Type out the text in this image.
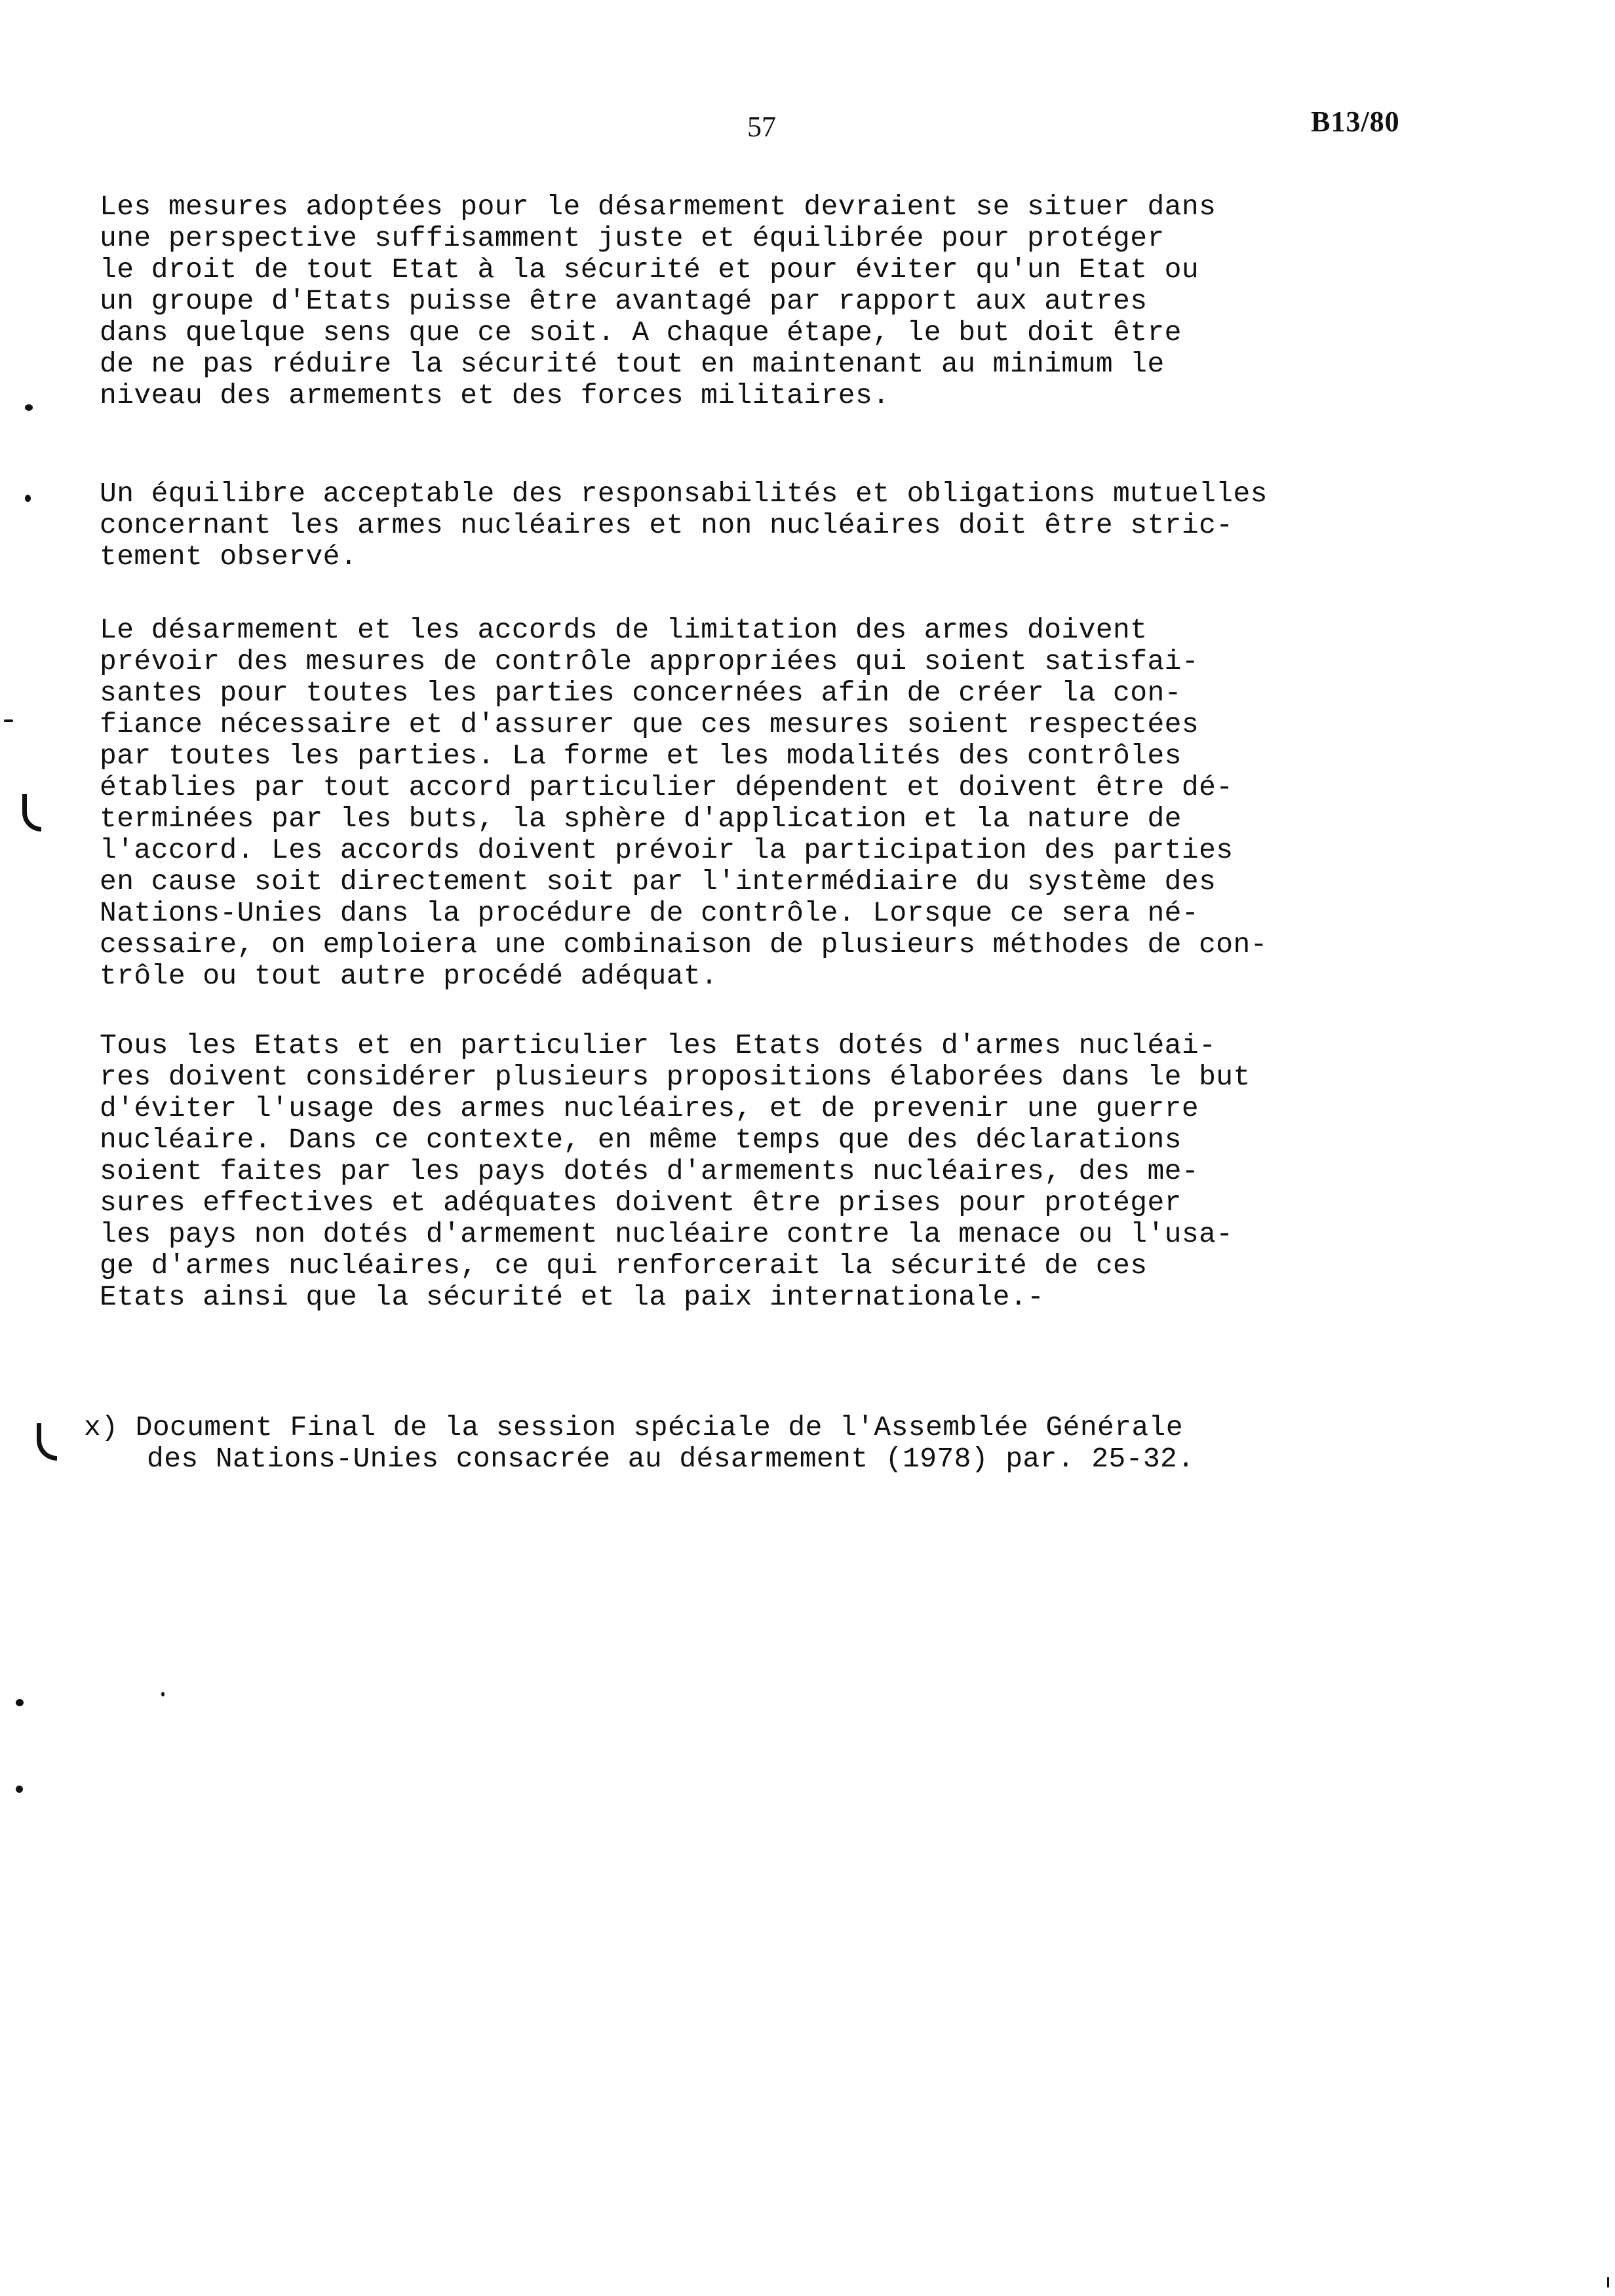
57	B13/80
Les mesures adoptées pour le désarmement devraient se situer dans
une perspective suffisamment juste et équilibrée pour protéger
le droit de tout Etat à la sécurité et pour éviter qu'un Etat ou
un groupe d'Etats puisse être avantagé par rapport aux autres
dans quelque sens que ce soit. A chaque étape, le but doit être
de ne pas réduire la sécurité tout en maintenant au minimum le
niveau des armements et des forces militaires.
Un équilibre acceptable des responsabilités et obligations mutuelles
concernant les armes nucléaires et non nucléaires doit être stric-
tement observé.
Le désarmement et les accords de limitation des armes doivent
prévoir des mesures de contrôle appropriées qui soient satisfai-
santes pour toutes les parties concernées afin de créer la con-
fiance nécessaire et d'assurer que ces mesures soient respectées
par toutes les parties. La forme et les modalités des contrôles
établies par tout accord particulier dépendent et doivent être dé-
terminées par les buts, la sphère d'application et la nature de
l'accord. Les accords doivent prévoir la participation des parties
en cause soit directement soit par l'intermédiaire du système des
Nations-Unies dans la procédure de contrôle. Lorsque ce sera né-
cessaire, on emploiera une combinaison de plusieurs méthodes de con-
trôle ou tout autre procédé adéquat.
Tous les Etats et en particulier les Etats dotés d'armes nucléai-
res doivent considérer plusieurs propositions élaborées dans le but
d'éviter l'usage des armes nucléaires, et de prevenir une guerre
nucléaire. Dans ce contexte, en même temps que des déclarations
soient faites par les pays dotés d'armements nucléaires, des me-
sures effectives et adéquates doivent être prises pour protéger
les pays non dotés d'armement nucléaire contre la menace ou l'usa-
ge d'armes nucléaires, ce qui renforcerait la sécurité de ces
Etats ainsi que la sécurité et la paix internationale.-
x) Document Final de la session spéciale de l'Assemblée Générale
des Nations-Unies consacrée au désarmement (1978) par. 25-32.
